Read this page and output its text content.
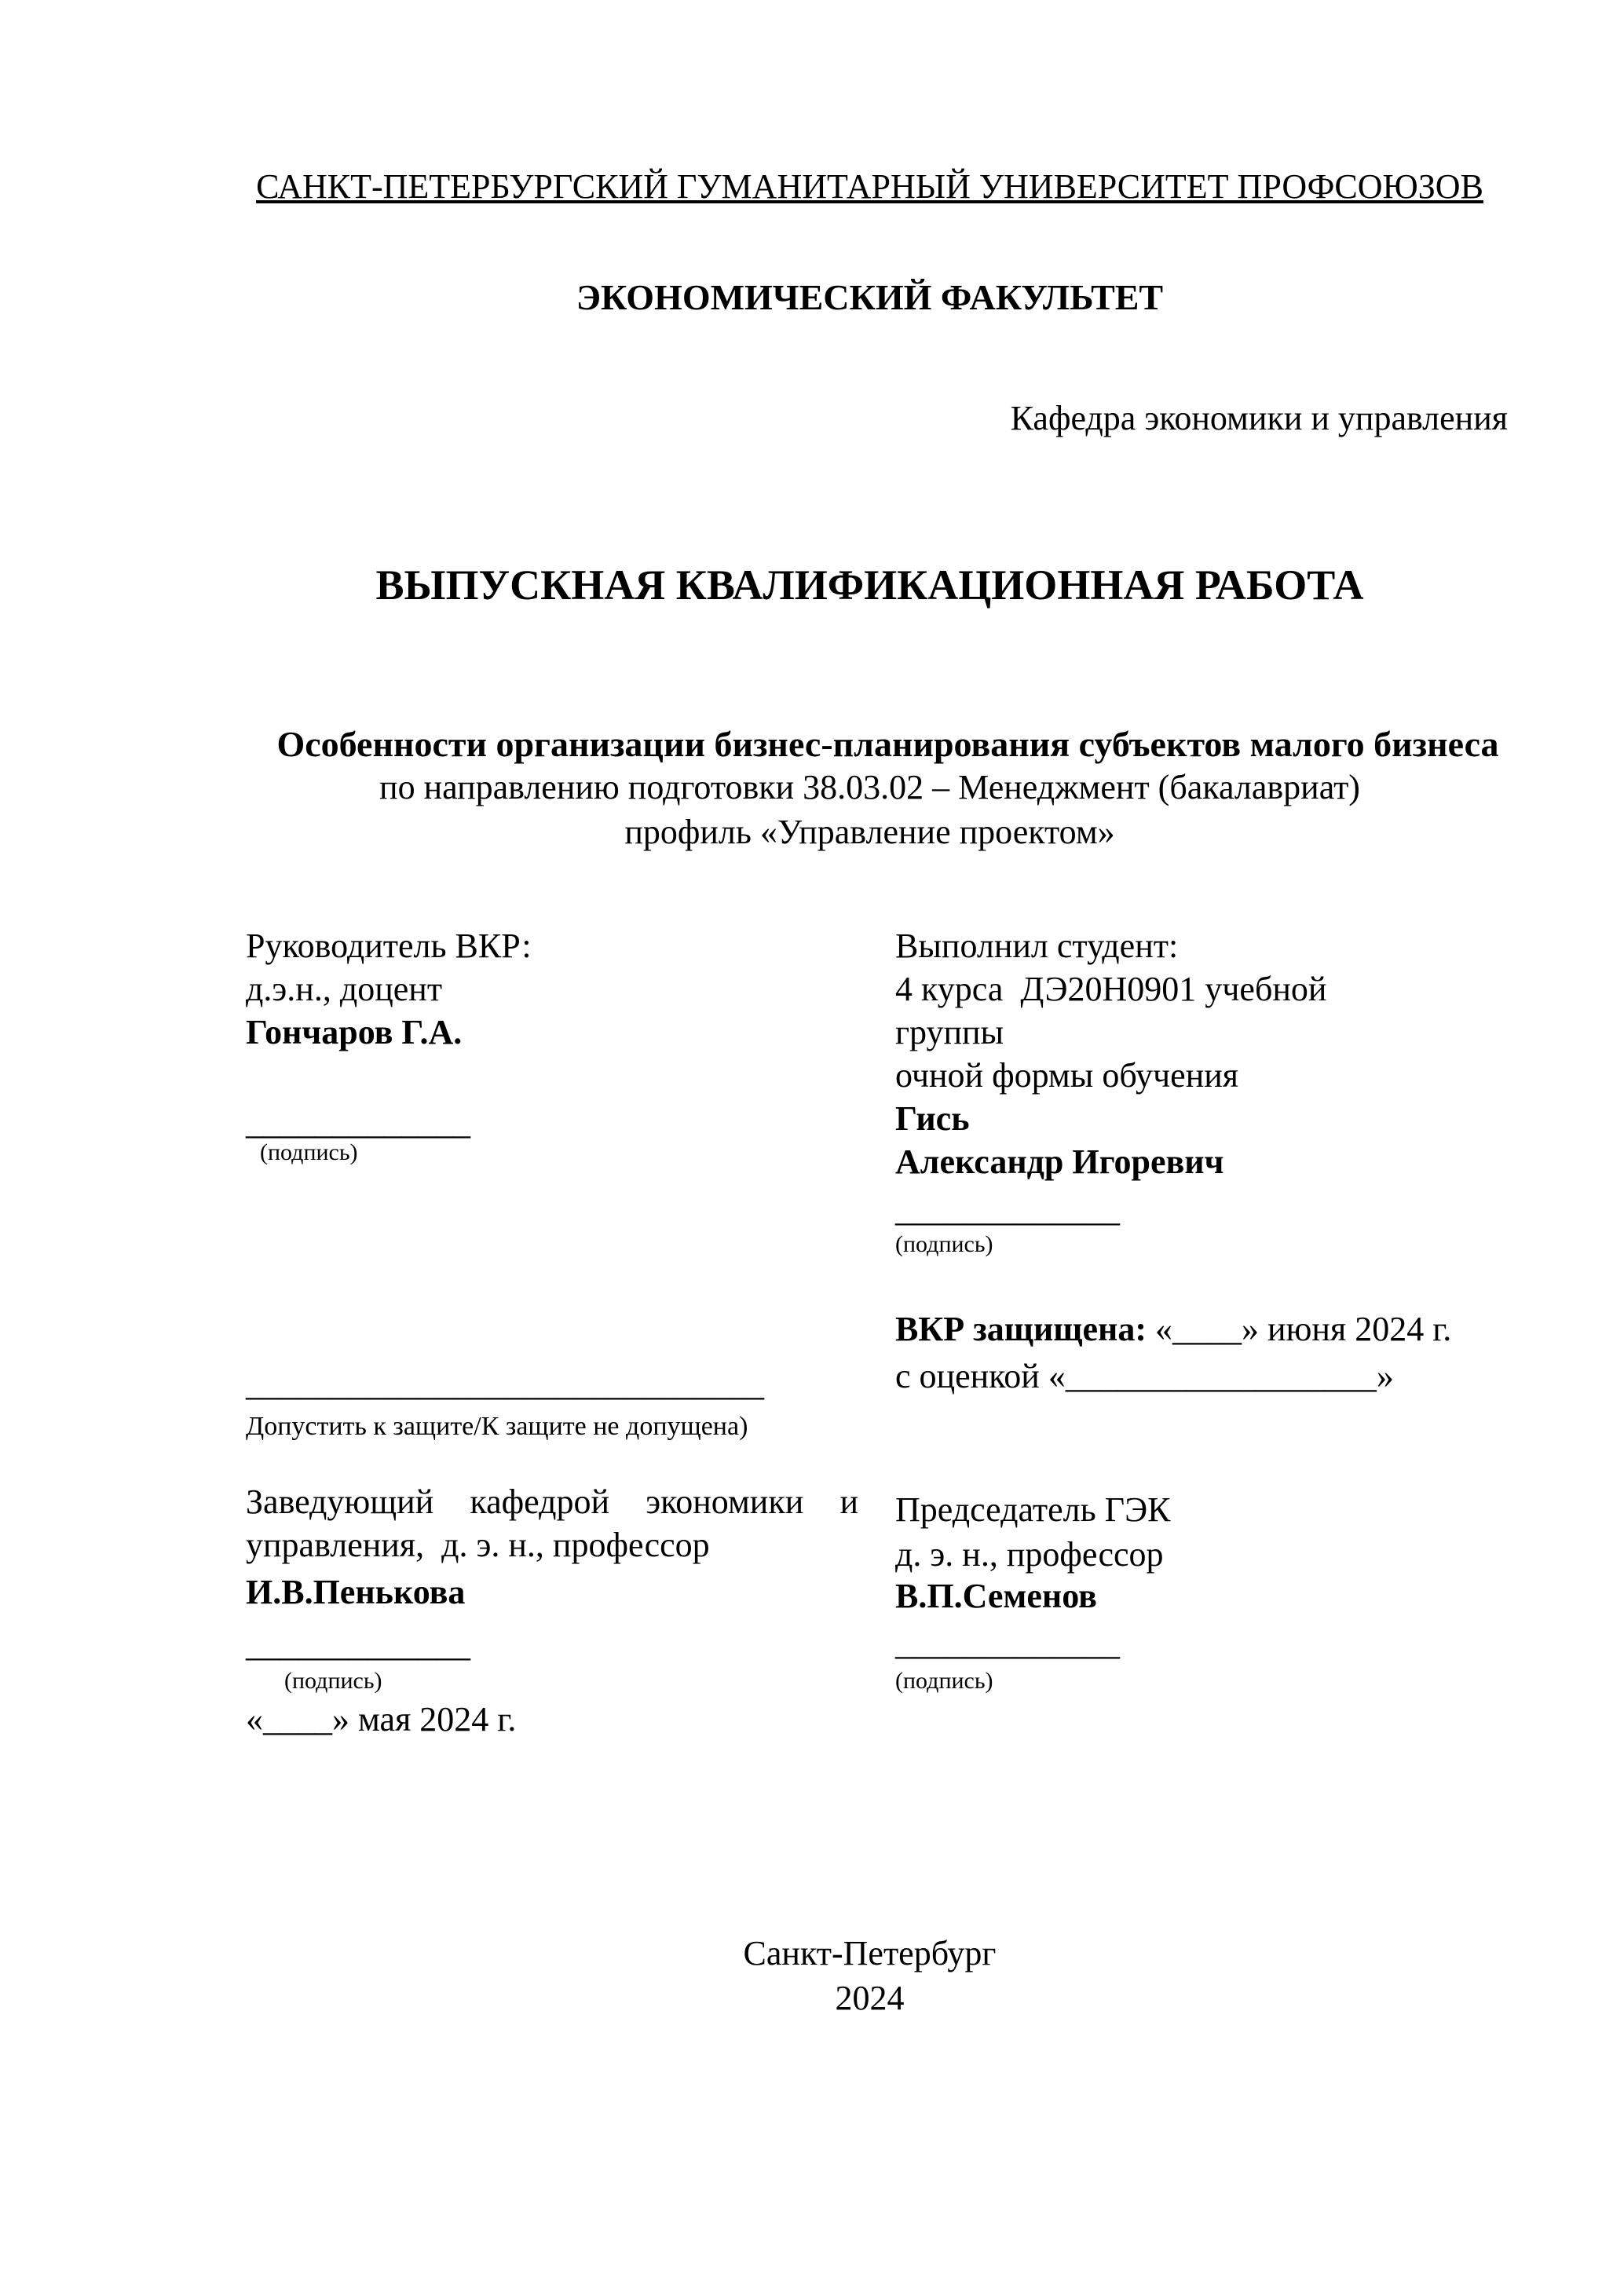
САНКТ-ПЕТЕРБУРГСКИЙ ГУМАНИТАРНЫЙ УНИВЕРСИТЕТ ПРОФСОЮЗОВ
ЭКОНОМИЧЕСКИЙ ФАКУЛЬТЕТ
Кафедра экономики и управления
ВЫПУСКНАЯ КВАЛИФИКАЦИОННАЯ РАБОТА

Особенности организации бизнес-планирования субъектов малого бизнеса

по направлению подготовки 38.03.02 – Менеджмент (бакалавриат)
профиль «Управление проектом»
Руководитель ВКР:
д.э.н., доцент
Гончаров Г.А.
_____________
(подпись)
Выполнил студент:
4 курса  ДЭ20Н0901 учебной
группы
очной формы обучения
Гись
Александр Игоревич
_____________
(подпись)
ВКР защищена: «____» июня 2024 г.
с оценкой «__________________»
______________________________
Допустить к защите/К защите не допущена)
Заведующий кафедрой экономики и
управления,  д. э. н., профессор
И.В.Пенькова
_____________
(подпись)
«____» мая 2024 г.
Председатель ГЭК
д. э. н., профессор
В.П.Семенов
_____________
(подпись)
Санкт-Петербург
2024
